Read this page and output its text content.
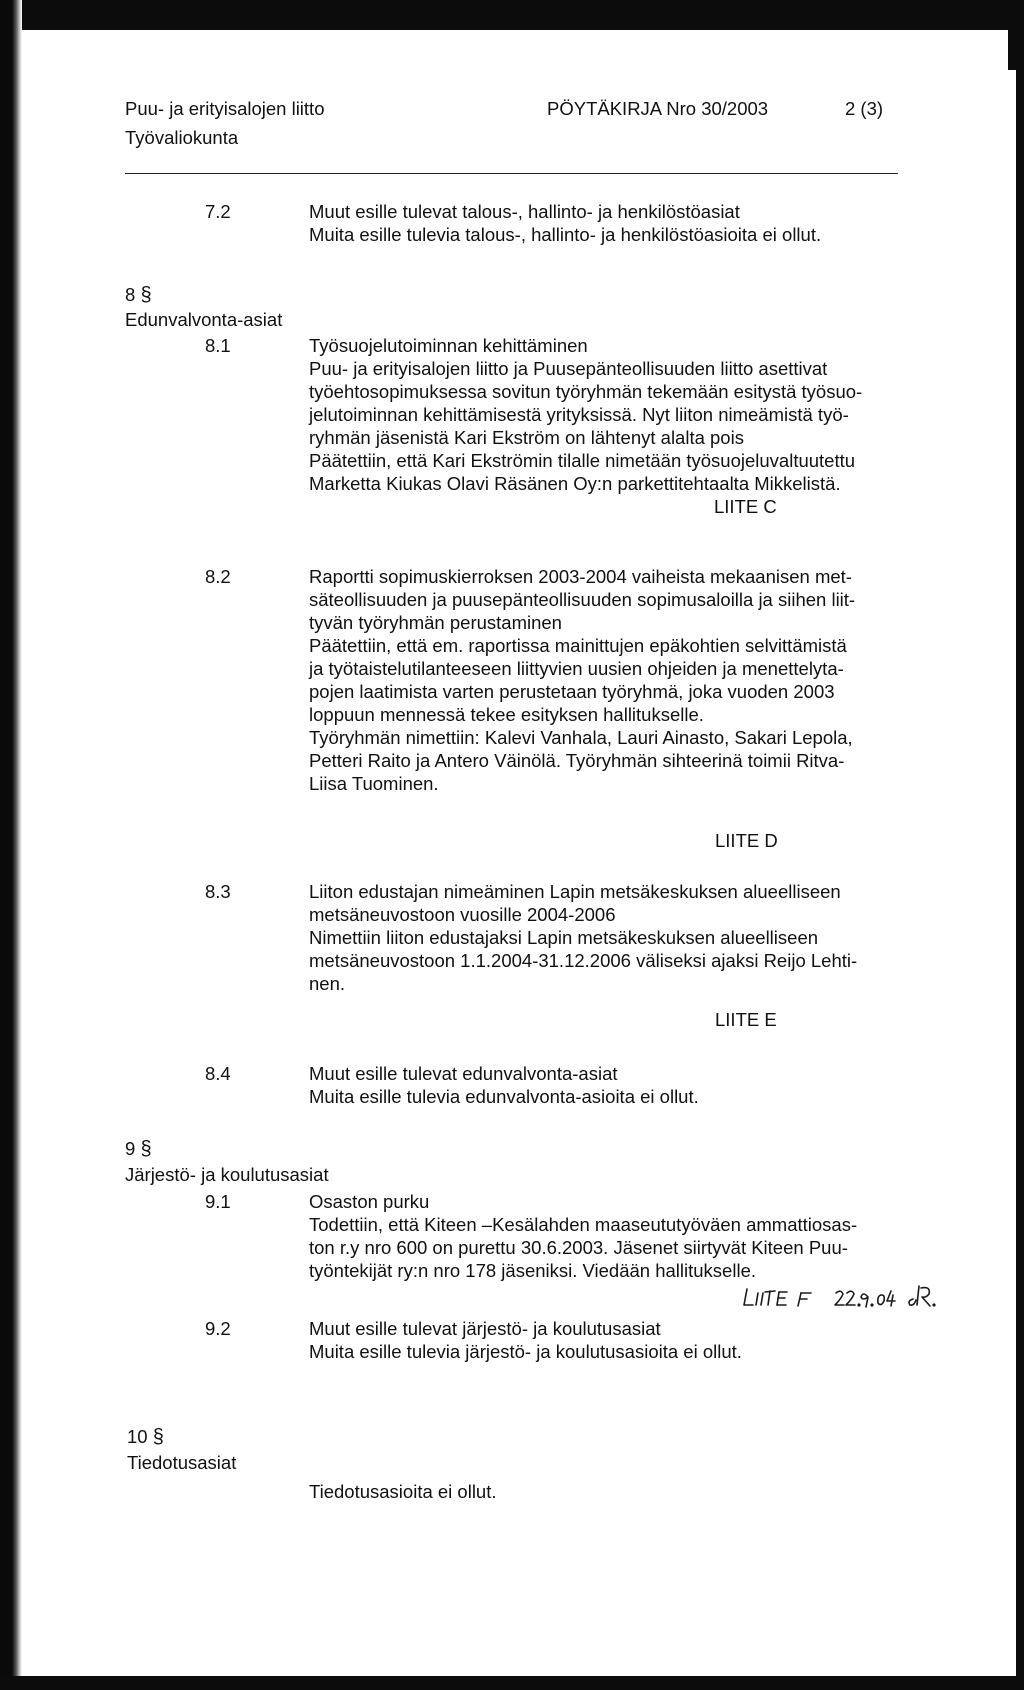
Puu- ja erityisalojen liitto
Työvaliokunta
PÖYTÄKIRJA Nro 30/2003	2 (3)
7.2	Muut esille tulevat talous-, hallinto- ja henkilöstöasiat
Muita esille tulevia talous-, hallinto- ja henkilöstöasioita ei ollut.
8 §
Edunvalvonta-asiat
8.1	Työsuojelutoiminnan kehittäminen
Puu- ja erityisalojen liitto ja Puusepänteollisuuden liitto asettivat
työehtosopimuksessa sovitun työryhmän tekemään esitystä työsuo-
jelutoiminnan kehittämisestä yrityksissä. Nyt liiton nimeämistä työ-
ryhmän jäsenistä Kari Ekström on lähtenyt alalta pois
Päätettiin, että Kari Ekströmin tilalle nimetään työsuojeluvaltuutettu
Marketta Kiukas Olavi Räsänen Oy:n parkettitehtaalta Mikkelistä.
LIITE C
8.2	Raportti sopimuskierroksen 2003-2004 vaiheista mekaanisen met-
säteollisuuden ja puusepänteollisuuden sopimusaloilla ja siihen liit-
tyvän työryhmän perustaminen
Päätettiin, että em. raportissa mainittujen epäkohtien selvittämistä
ja työtaistelutilanteeseen liittyvien uusien ohjeiden ja menettelyta-
pojen laatimista varten perustetaan työryhmä, joka vuoden 2003
loppuun mennessä tekee esityksen hallitukselle.
Työryhmän nimettiin: Kalevi Vanhala, Lauri Ainasto, Sakari Lepola,
Petteri Raito ja Antero Väinölä. Työryhmän sihteerinä toimii Ritva-
Liisa Tuominen.
LIITE D
8.3	Liiton edustajan nimeäminen Lapin metsäkeskuksen alueelliseen
metsäneuvostoon vuosille 2004-2006
Nimettiin liiton edustajaksi Lapin metsäkeskuksen alueelliseen
metsäneuvostoon 1.1.2004-31.12.2006 väliseksi ajaksi Reijo Lehti-
nen.
LIITE E
8.4	Muut esille tulevat edunvalvonta-asiat
Muita esille tulevia edunvalvonta-asioita ei ollut.
9 §
Järjestö- ja koulutusasiat
9.1	Osaston purku
Todettiin, että Kiteen –Kesälahden maaseututyöväen ammattiosas-
ton r.y nro 600 on purettu 30.6.2003. Jäsenet siirtyvät Kiteen Puu-
työntekijät ry:n nro 178 jäseniksi. Viedään hallitukselle.
9.2	Muut esille tulevat järjestö- ja koulutusasiat
Muita esille tulevia järjestö- ja koulutusasioita ei ollut.
10 §
Tiedotusasiat
Tiedotusasioita ei ollut.
